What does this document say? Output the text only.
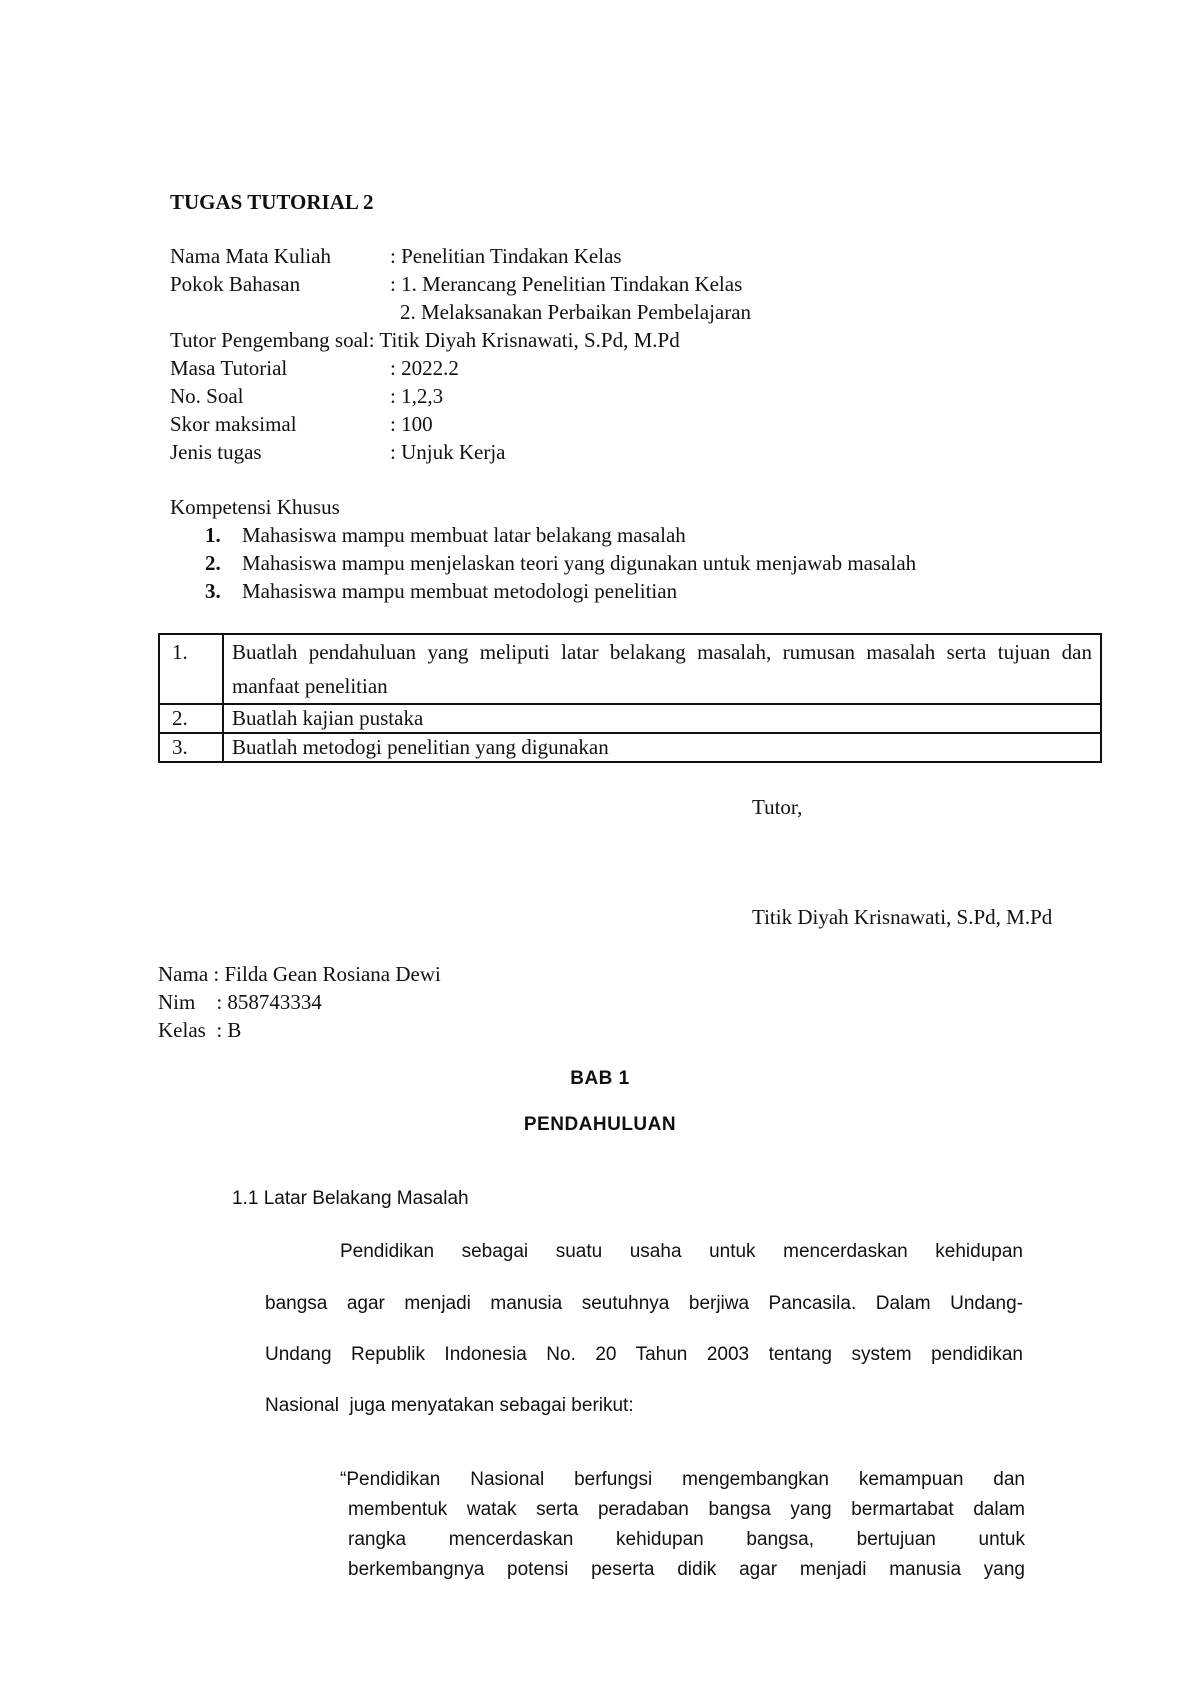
TUGAS TUTORIAL 2
Nama Mata Kuliah	: Penelitian Tindakan Kelas
Pokok Bahasan	: 1. Merancang Penelitian Tindakan Kelas
2. Melaksanakan Perbaikan Pembelajaran
Tutor Pengembang soal: Titik Diyah Krisnawati, S.Pd, M.Pd
Masa Tutorial	: 2022.2
No. Soal	: 1,2,3
Skor maksimal	: 100
Jenis tugas	: Unjuk Kerja
Kompetensi Khusus
1. Mahasiswa mampu membuat latar belakang masalah
2. Mahasiswa mampu menjelaskan teori yang digunakan untuk menjawab masalah
3. Mahasiswa mampu membuat metodologi penelitian
1.	Buatlah pendahuluan yang meliputi latar belakang masalah, rumusan masalah serta tujuan dan manfaat penelitian
2.	Buatlah kajian pustaka
3.	Buatlah metodogi penelitian yang digunakan
Tutor,
Titik Diyah Krisnawati, S.Pd, M.Pd
Nama : Filda Gean Rosiana Dewi
Nim    : 858743334
Kelas  : B
BAB 1
PENDAHULUAN
1.1 Latar Belakang Masalah
Pendidikan sebagai suatu usaha untuk mencerdaskan kehidupan
bangsa agar menjadi manusia seutuhnya berjiwa Pancasila. Dalam Undang-
Undang Republik Indonesia No. 20 Tahun 2003 tentang system pendidikan
Nasional  juga menyatakan sebagai berikut:
“Pendidikan Nasional berfungsi mengembangkan kemampuan dan
membentuk watak serta peradaban bangsa yang bermartabat dalam
rangka mencerdaskan kehidupan bangsa, bertujuan untuk
berkembangnya potensi peserta didik agar menjadi manusia yang
